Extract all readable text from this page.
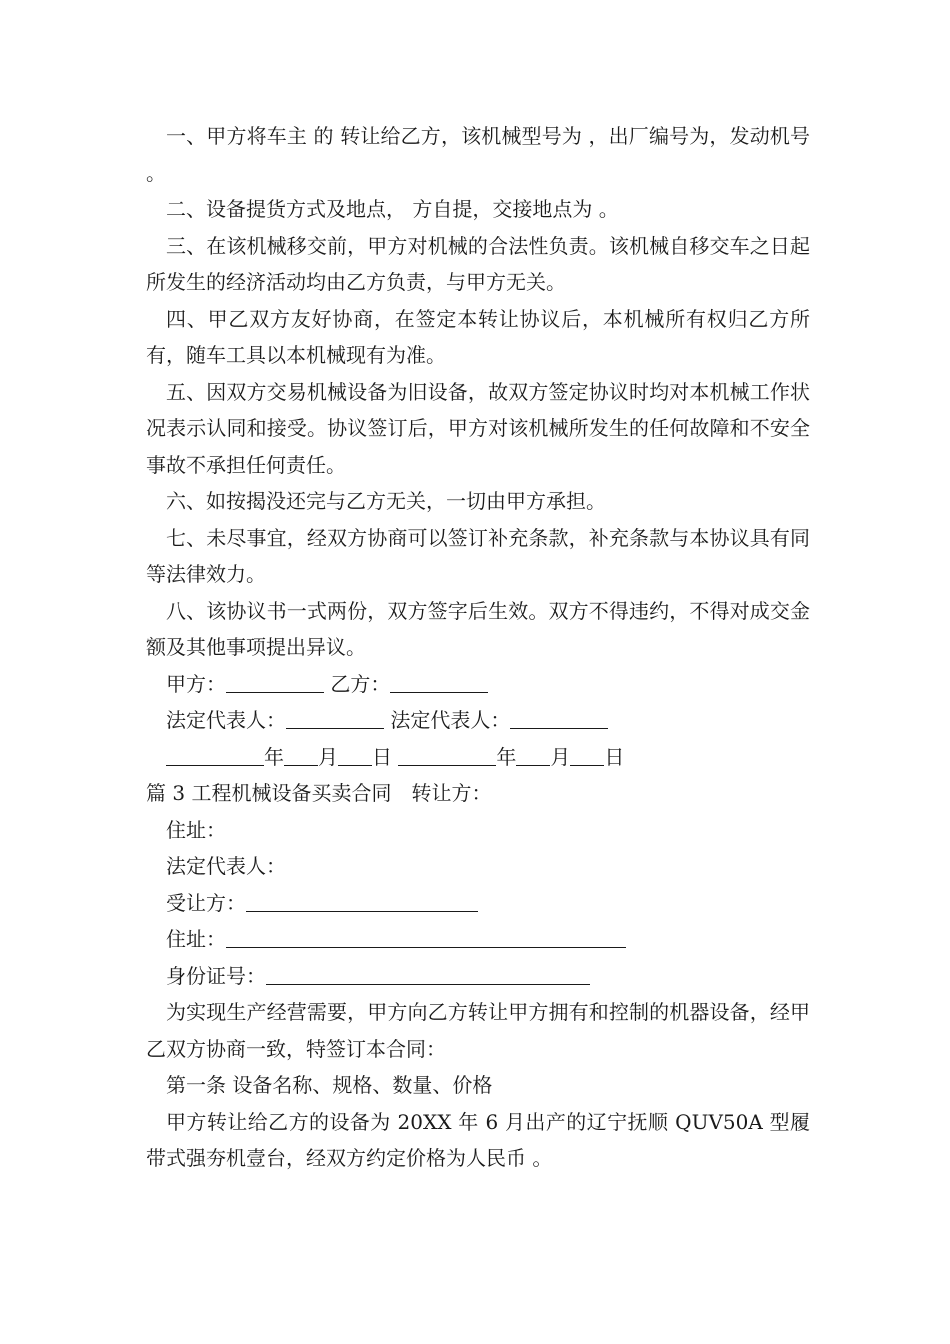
一、甲方将车主 的 转让给乙方，该机械型号为 ，出厂编号为，发动机号 。

二、设备提货方式及地点， 方自提，交接地点为 。

三、在该机械移交前，甲方对机械的合法性负责。该机械自移交车之日起所发生的经济活动均由乙方负责，与甲方无关。

四、甲乙双方友好协商，在签定本转让协议后，本机械所有权归乙方所有，随车工具以本机械现有为准。

五、因双方交易机械设备为旧设备，故双方签定协议时均对本机械工作状况表示认同和接受。协议签订后，甲方对该机械所发生的任何故障和不安全事故不承担任何责任。

六、如按揭没还完与乙方无关，一切由甲方承担。

七、未尽事宜，经双方协商可以签订补充条款，补充条款与本协议具有同等法律效力。

八、该协议书一式两份，双方签字后生效。双方不得违约，不得对成交金额及其他事项提出异议。

甲方：	乙方：

法定代表人：	法定代表人：

年 月 日	年 月 日

篇 3 工程机械设备买卖合同　转让方：

住址：

法定代表人：

受让方：

住址：

身份证号：

为实现生产经营需要，甲方向乙方转让甲方拥有和控制的机器设备，经甲乙双方协商一致，特签订本合同：

第一条 设备名称、规格、数量、价格

甲方转让给乙方的设备为 20XX 年 6 月出产的辽宁抚顺 QUV50A 型履带式强夯机壹台，经双方约定价格为人民币 。
